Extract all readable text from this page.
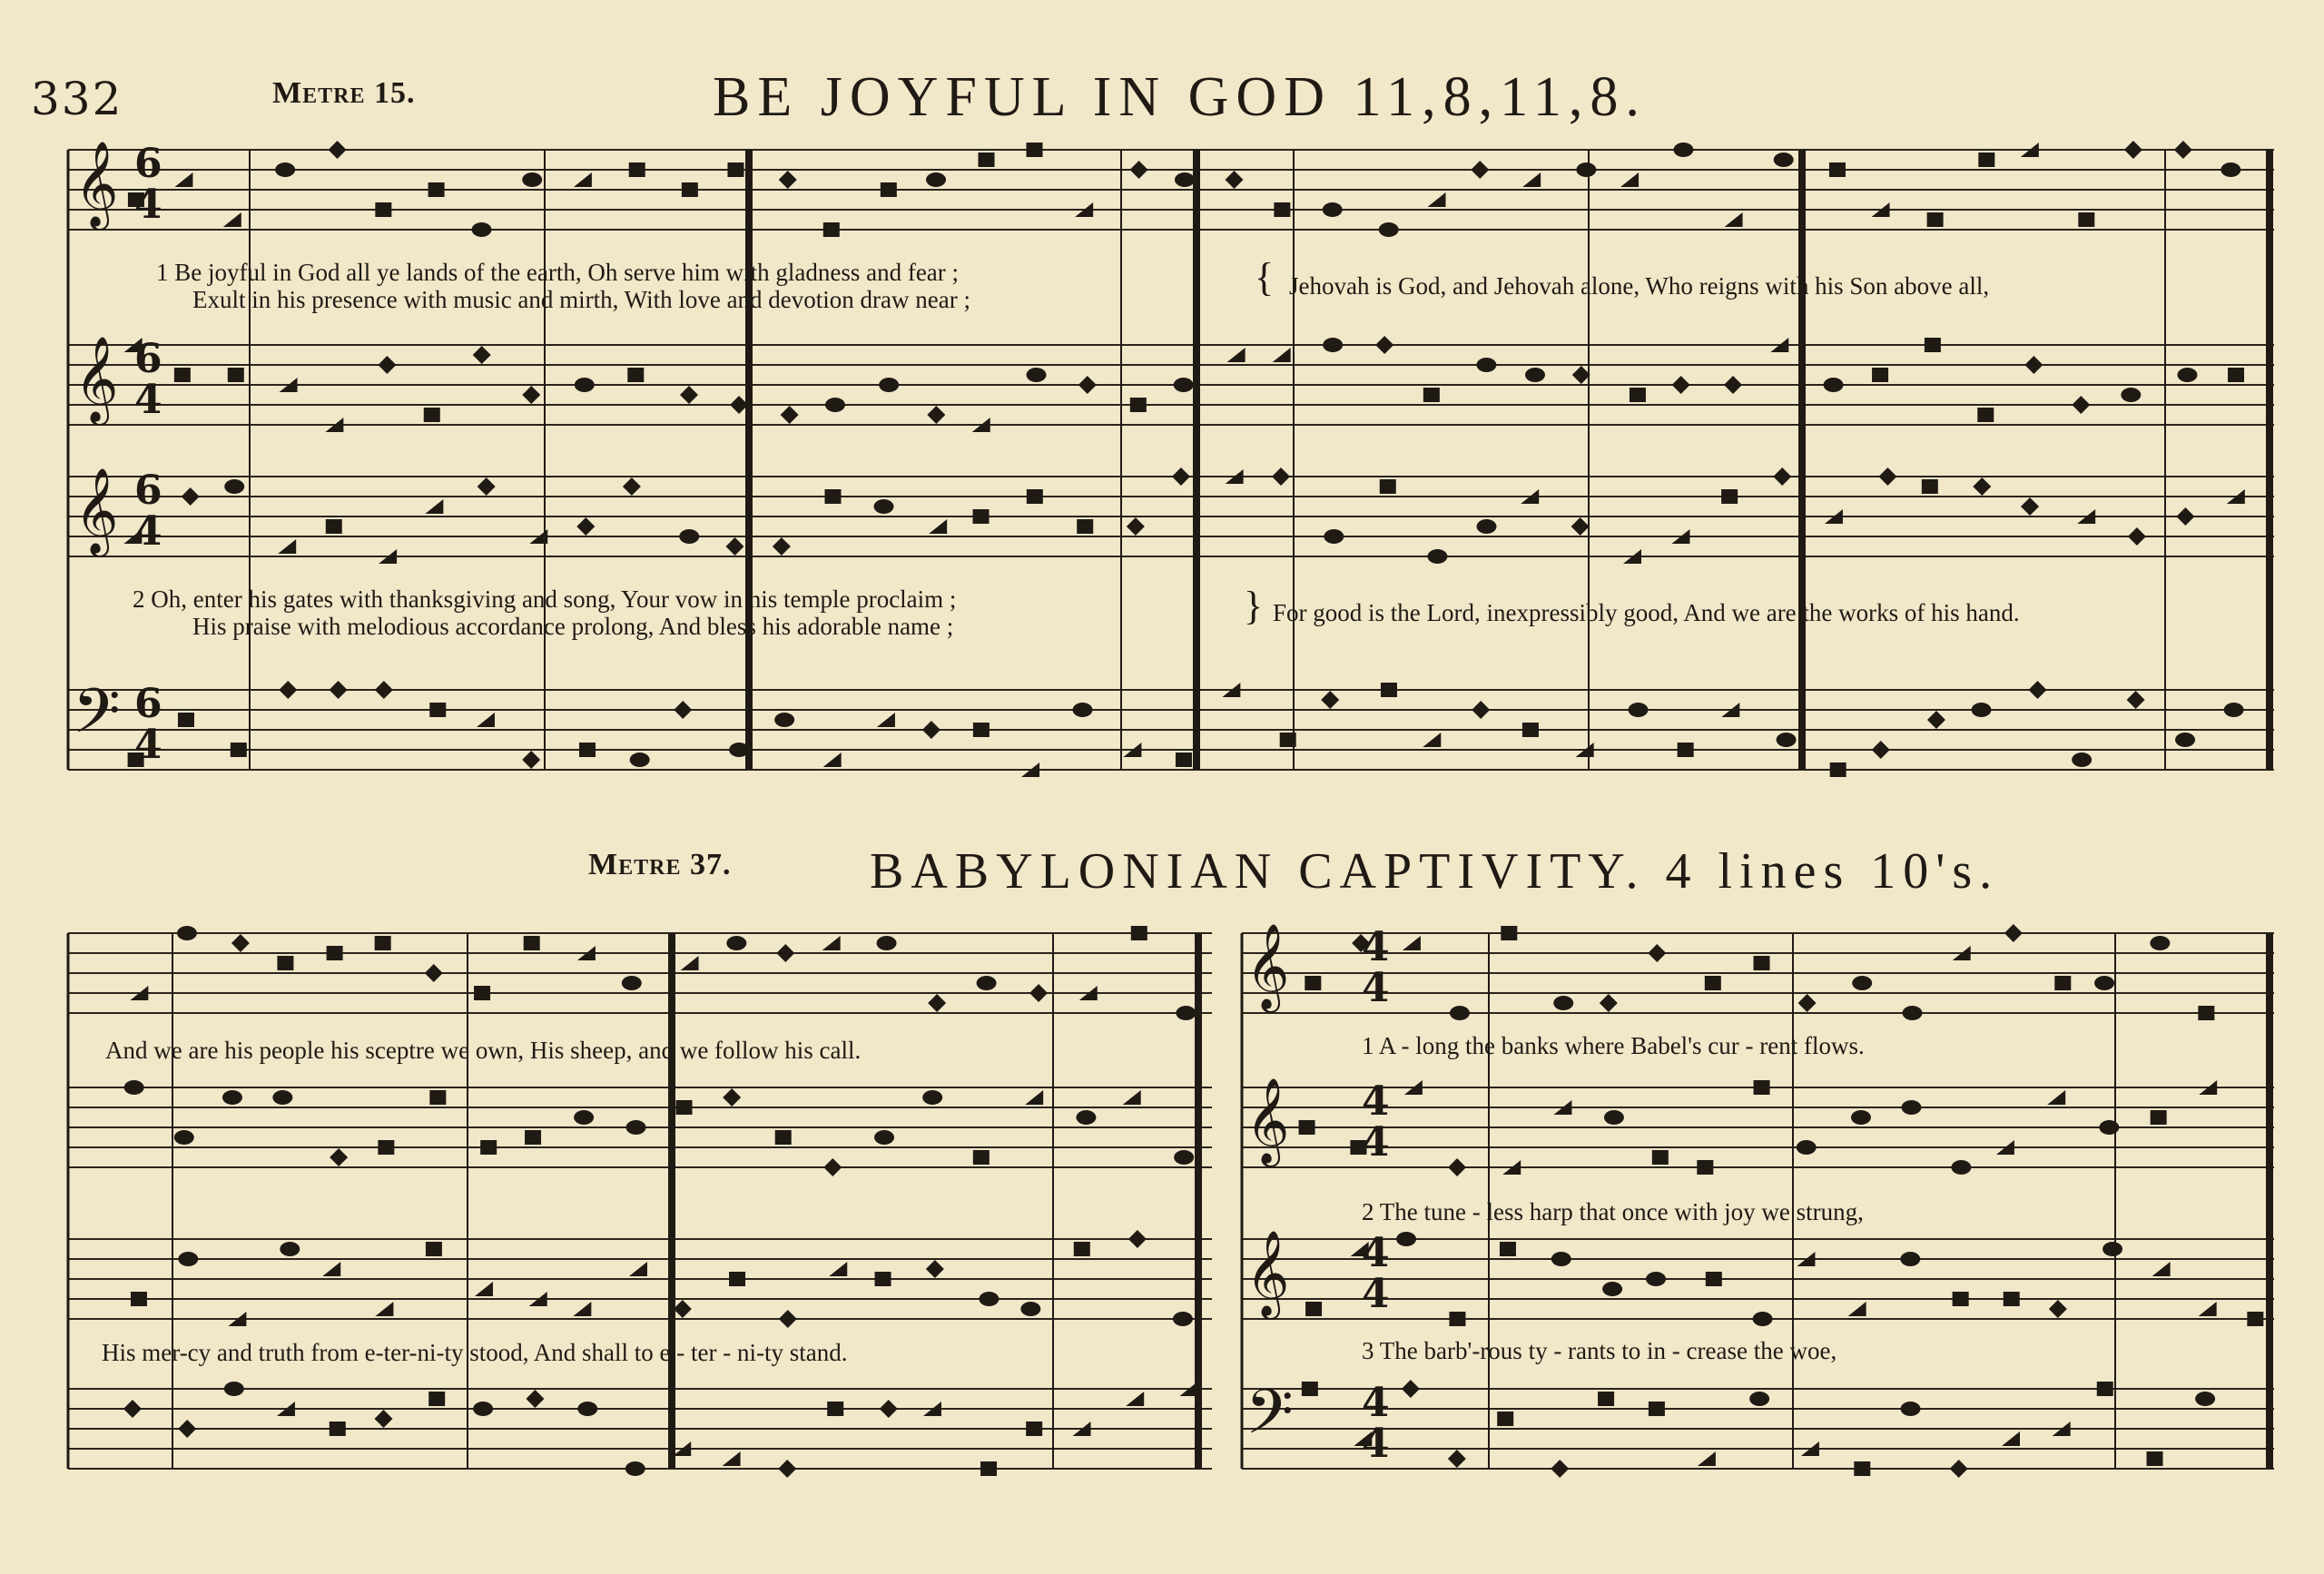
𝄞
𝄞
𝄞
𝄢
𝄞
𝄞
𝄞
𝄢
6
4
6
4
6
4
6
4
4
4
4
4
4
4
4
4
332	Metre 15.	BE JOYFUL IN GOD 11,8,11,8.
1 Be joyful in God all ye lands of the earth, Oh serve him with gladness and fear ;
Exult in his presence with music and mirth, With love and devotion draw near ;	{ Jehovah is God, and Jehovah alone, Who reigns with his Son above all,
2 Oh, enter his gates with thanksgiving and song, Your vow in his temple proclaim ;
His praise with melodious accordance prolong, And bless his adorable name ;	} For good is the Lord, inexpressibly good, And we are the works of his hand.
Metre 37.	BABYLONIAN CAPTIVITY. 4 lines 10's.
And we are his people his sceptre we own, His sheep, and we follow his call.
His mer-cy and truth from e-ter-ni-ty stood, And shall to e - ter - ni-ty stand.
1 A - long the banks where Babel's cur - rent flows.
2 The tune - less harp that once with joy we strung,
3 The barb'-rous ty - rants to in - crease the woe,
